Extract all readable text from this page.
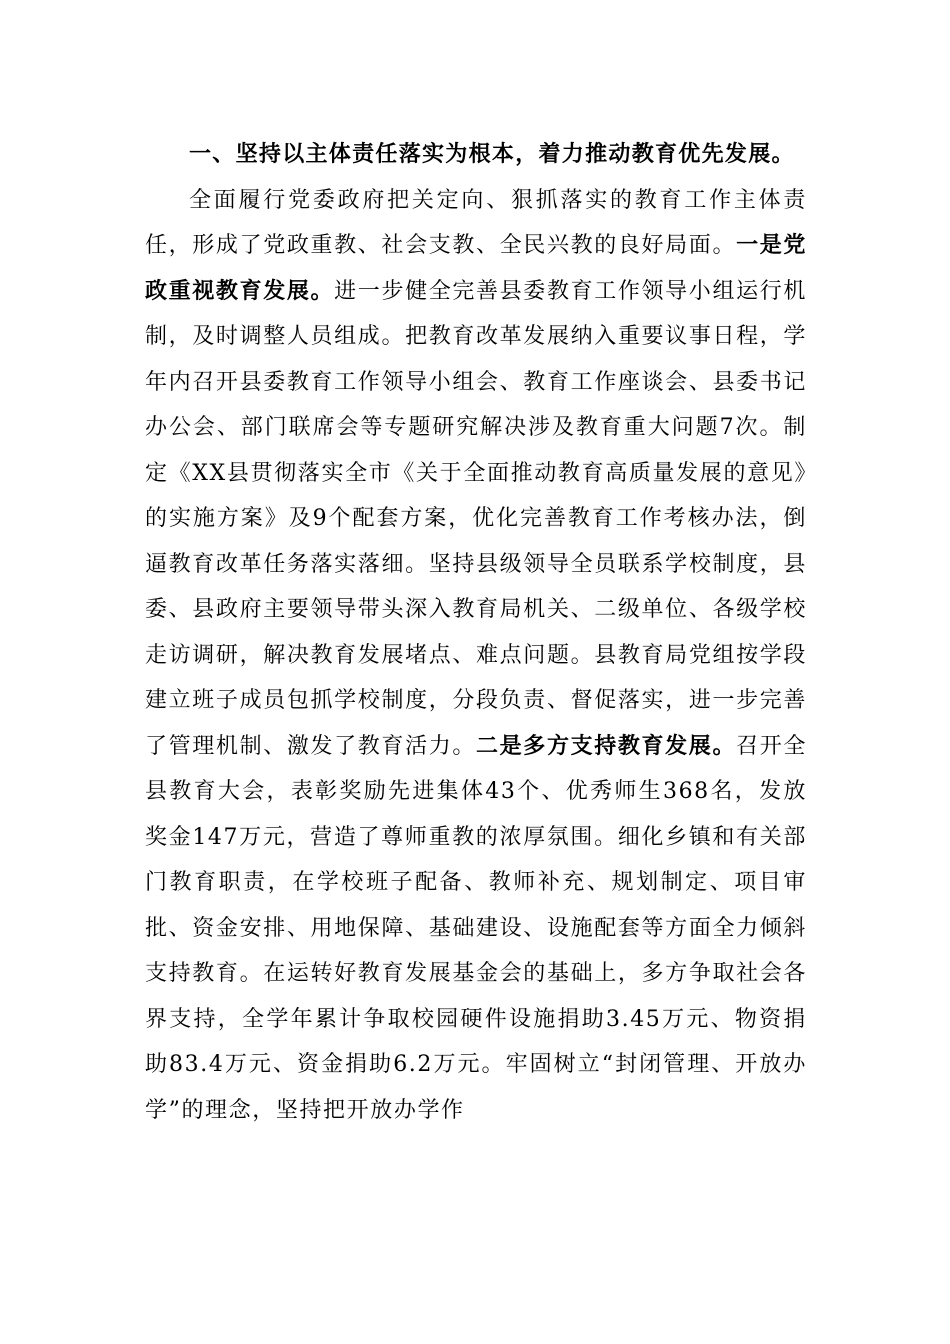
一、坚持以主体责任落实为根本，着力推动教育优先发展。

全面履行党委政府把关定向、狠抓落实的教育工作主体责任，形成了党政重教、社会支教、全民兴教的良好局面。一是党政重视教育发展。进一步健全完善县委教育工作领导小组运行机制，及时调整人员组成。把教育改革发展纳入重要议事日程，学年内召开县委教育工作领导小组会、教育工作座谈会、县委书记办公会、部门联席会等专题研究解决涉及教育重大问题7次。制定《XX县贯彻落实全市《关于全面推动教育高质量发展的意见》的实施方案》及9个配套方案，优化完善教育工作考核办法，倒逼教育改革任务落实落细。坚持县级领导全员联系学校制度，县委、县政府主要领导带头深入教育局机关、二级单位、各级学校走访调研，解决教育发展堵点、难点问题。县教育局党组按学段建立班子成员包抓学校制度，分段负责、督促落实，进一步完善了管理机制、激发了教育活力。二是多方支持教育发展。召开全县教育大会，表彰奖励先进集体43个、优秀师生368名，发放奖金147万元，营造了尊师重教的浓厚氛围。细化乡镇和有关部门教育职责，在学校班子配备、教师补充、规划制定、项目审批、资金安排、用地保障、基础建设、设施配套等方面全力倾斜支持教育。在运转好教育发展基金会的基础上，多方争取社会各界支持，全学年累计争取校园硬件设施捐助3.45万元、物资捐助83.4万元、资金捐助6.2万元。牢固树立“封闭管理、开放办学”的理念，坚持把开放办学作
